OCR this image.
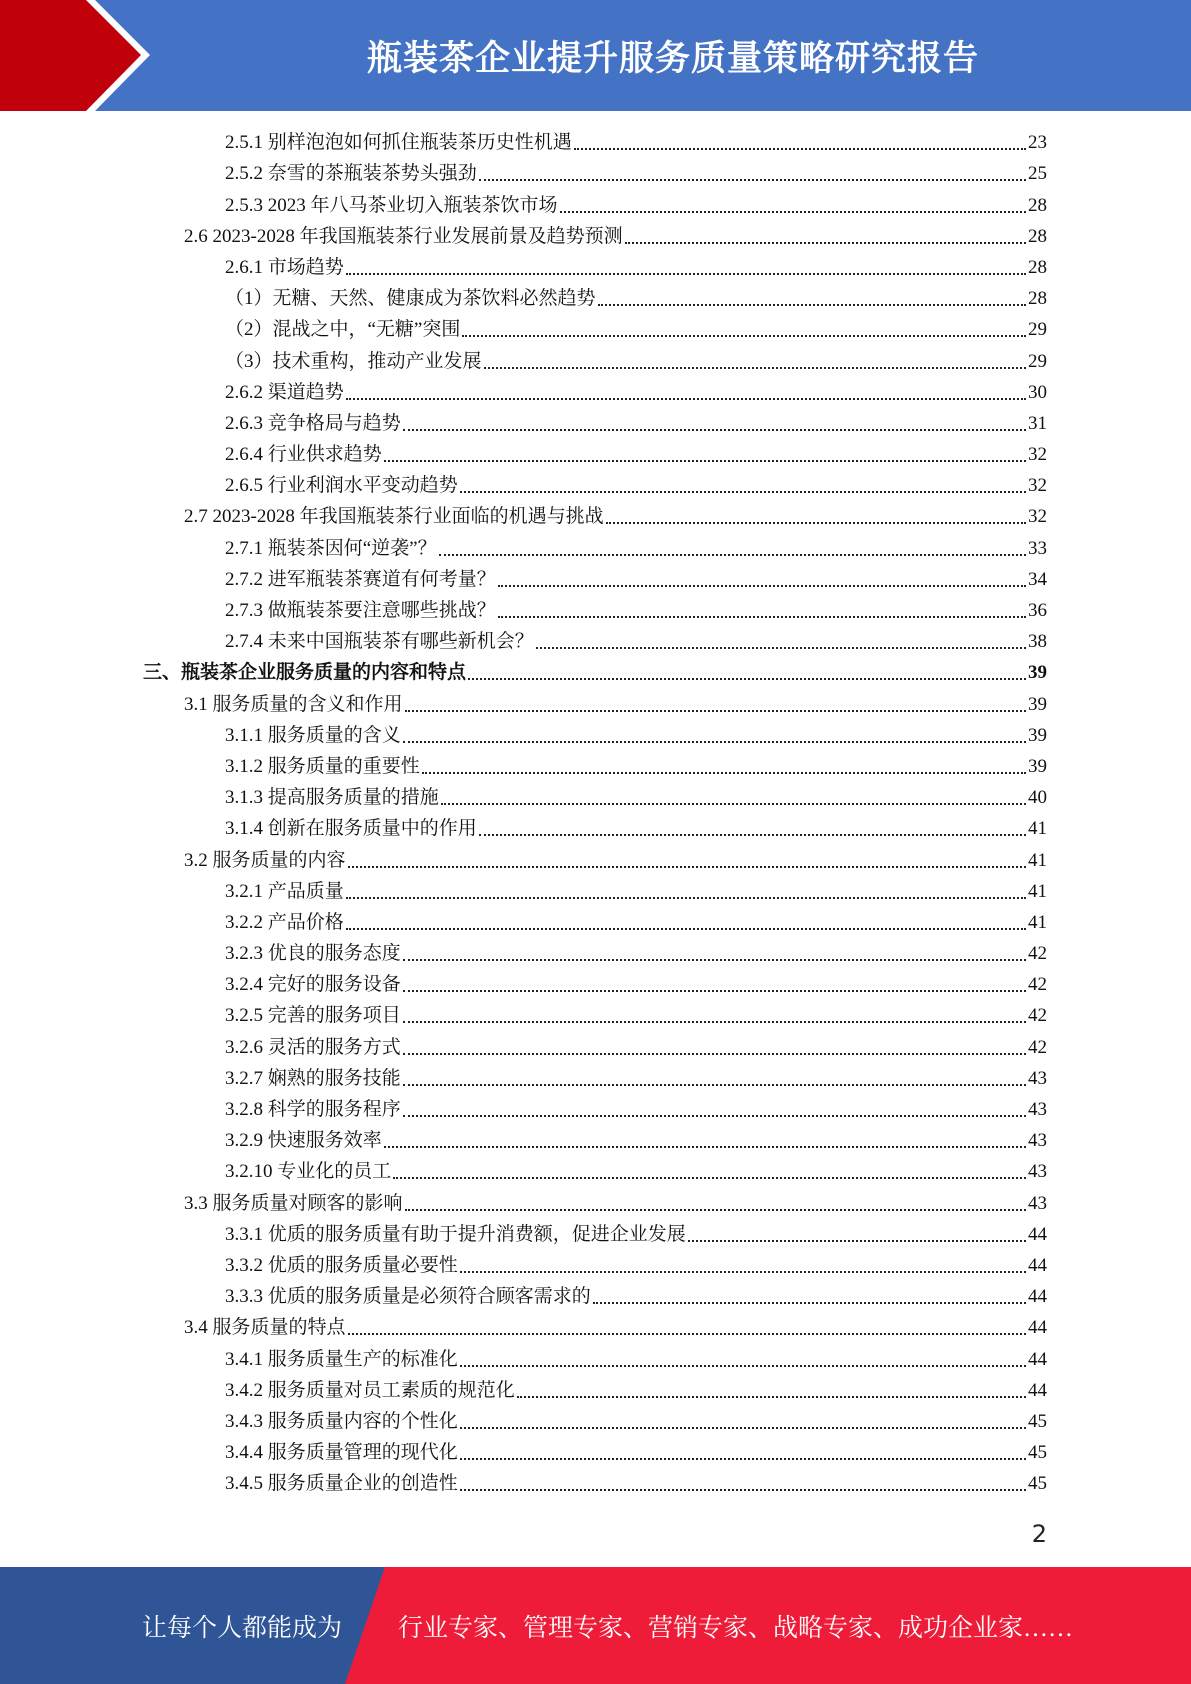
瓶装茶企业提升服务质量策略研究报告
2.5.1 别样泡泡如何抓住瓶装茶历史性机遇	23
2.5.2 奈雪的茶瓶装茶势头强劲	25
2.5.3 2023 年八马茶业切入瓶装茶饮市场	28
2.6 2023-2028 年我国瓶装茶行业发展前景及趋势预测	28
2.6.1 市场趋势	28
（1）无糖、天然、健康成为茶饮料必然趋势	28
（2）混战之中，“无糖”突围	29
（3）技术重构，推动产业发展	29
2.6.2 渠道趋势	30
2.6.3 竞争格局与趋势	31
2.6.4 行业供求趋势	32
2.6.5 行业利润水平变动趋势	32
2.7 2023-2028 年我国瓶装茶行业面临的机遇与挑战	32
2.7.1 瓶装茶因何“逆袭”？	33
2.7.2 进军瓶装茶赛道有何考量？	34
2.7.3 做瓶装茶要注意哪些挑战？	36
2.7.4 未来中国瓶装茶有哪些新机会？	38
三、瓶装茶企业服务质量的内容和特点	39
3.1 服务质量的含义和作用	39
3.1.1 服务质量的含义	39
3.1.2 服务质量的重要性	39
3.1.3 提高服务质量的措施	40
3.1.4 创新在服务质量中的作用	41
3.2 服务质量的内容	41
3.2.1 产品质量	41
3.2.2 产品价格	41
3.2.3 优良的服务态度	42
3.2.4 完好的服务设备	42
3.2.5 完善的服务项目	42
3.2.6 灵活的服务方式	42
3.2.7 娴熟的服务技能	43
3.2.8 科学的服务程序	43
3.2.9 快速服务效率	43
3.2.10 专业化的员工	43
3.3 服务质量对顾客的影响	43
3.3.1 优质的服务质量有助于提升消费额，促进企业发展	44
3.3.2 优质的服务质量必要性	44
3.3.3 优质的服务质量是必须符合顾客需求的	44
3.4 服务质量的特点	44
3.4.1 服务质量生产的标准化	44
3.4.2 服务质量对员工素质的规范化	44
3.4.3 服务质量内容的个性化	45
3.4.4 服务质量管理的现代化	45
3.4.5 服务质量企业的创造性	45
2
让每个人都能成为 行业专家、管理专家、营销专家、战略专家、成功企业家……
